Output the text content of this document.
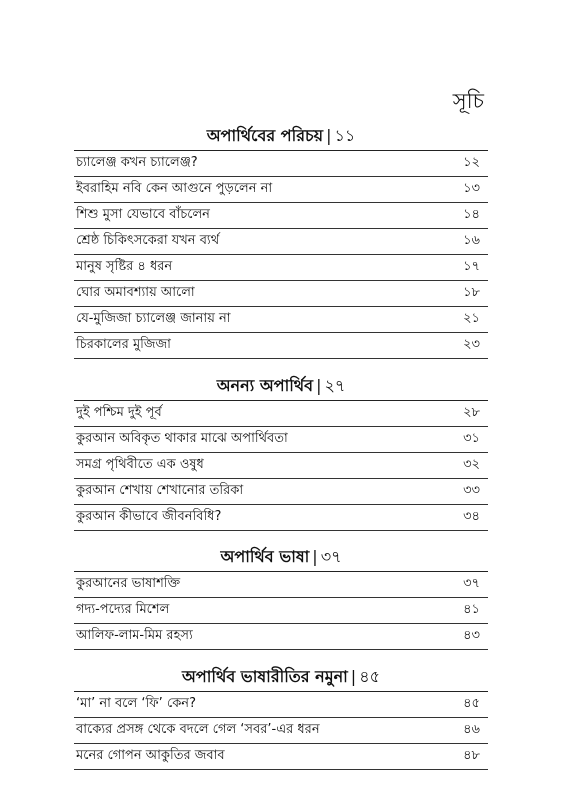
সূচি
অপার্থিবের পরিচয় | ১১
চ্যালেঞ্জ কখন চ্যালেঞ্জ?	১২
ইবরাহিম নবি কেন আগুনে পুড়লেন না	১৩
শিশু মুসা যেভাবে বাঁচলেন	১৪
শ্রেষ্ঠ চিকিৎসকেরা যখন ব্যর্থ	১৬
মানুষ সৃষ্টির ৪ ধরন	১৭
ঘোর অমাবশ্যায় আলো	১৮
যে-মুজিজা চ্যালেঞ্জ জানায় না	২১
চিরকালের মুজিজা	২৩
অনন্য অপার্থিব | ২৭
দুই পশ্চিম দুই পূর্ব	২৮
কুরআন অবিকৃত থাকার মাঝে অপার্থিবতা	৩১
সমগ্র পৃথিবীতে এক ওষুধ	৩২
কুরআন শেখায় শেখানোর তরিকা	৩৩
কুরআন কীভাবে জীবনবিধি?	৩৪
অপার্থিব ভাষা | ৩৭
কুরআনের ভাষাশক্তি	৩৭
গদ্য-পদ্যের মিশেল	৪১
আলিফ-লাম-মিম রহস্য	৪৩
অপার্থিব ভাষারীতির নমুনা | ৪৫
‘মা’ না বলে ‘ফি’ কেন?	৪৫
বাক্যের প্রসঙ্গ থেকে বদলে গেল ‘সবর’-এর ধরন	৪৬
মনের গোপন আকুতির জবাব	৪৮
